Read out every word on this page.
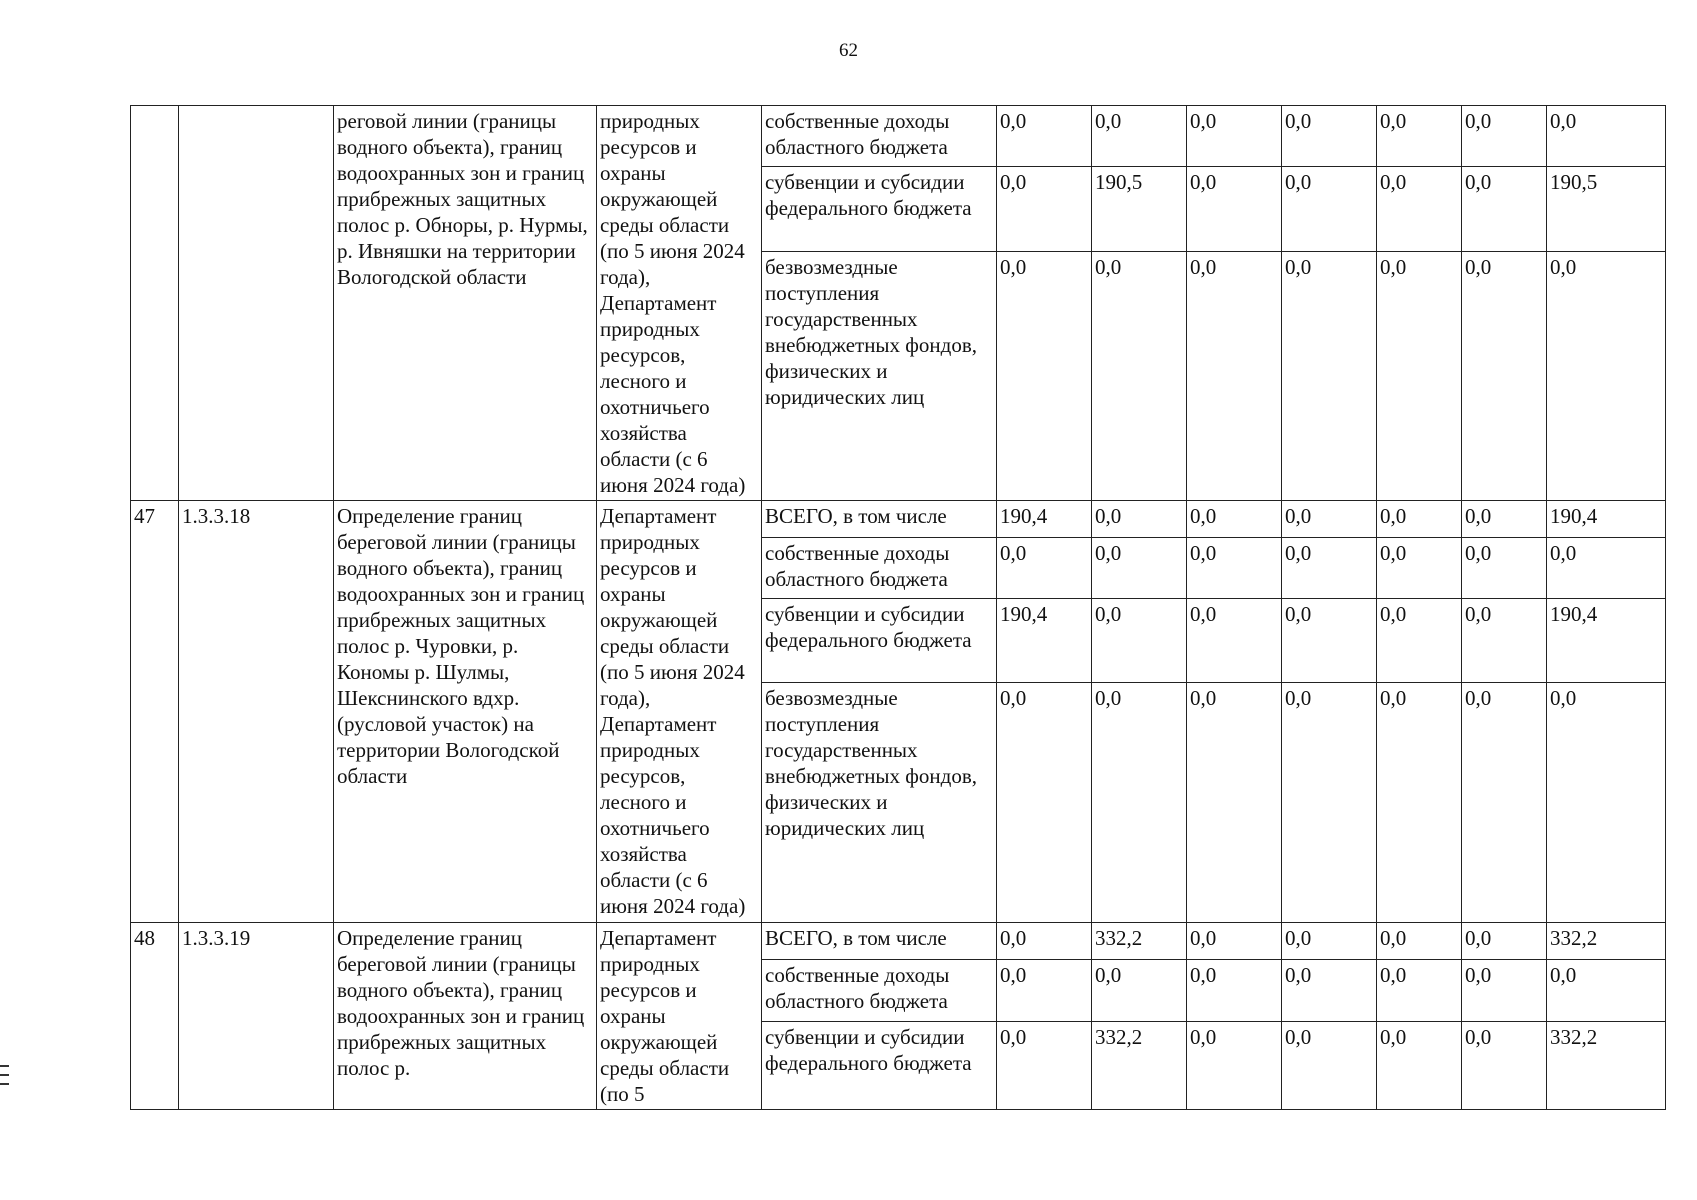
62
		реговой линии (границы водного объекта), границ водоохранных зон и границ прибрежных защитных полос р. Обноры, р. Нурмы, р. Ивняшки на территории Вологодской области	природных ресурсов и охраны окружающей среды области (по 5 июня 2024 года), Департамент природных ресурсов, лесного и охотничьего хозяйства области (с 6 июня 2024 года)	собственные доходы областного бюджета	0,0	0,0	0,0	0,0	0,0	0,0	0,0
				субвенции и субсидии федерального бюджета	0,0	190,5	0,0	0,0	0,0	0,0	190,5
				безвозмездные поступления государственных внебюджетных фондов, физических и юридических лиц	0,0	0,0	0,0	0,0	0,0	0,0	0,0
47	1.3.3.18	Определение границ береговой линии (границы водного объекта), границ водоохранных зон и границ прибрежных защитных полос р. Чуровки, р. Кономы р. Шулмы, Шекснинского вдхр. (русловой участок) на территории Вологодской области	Департамент природных ресурсов и охраны окружающей среды области (по 5 июня 2024 года), Департамент природных ресурсов, лесного и охотничьего хозяйства области (с 6 июня 2024 года)	ВСЕГО, в том числе	190,4	0,0	0,0	0,0	0,0	0,0	190,4
				собственные доходы областного бюджета	0,0	0,0	0,0	0,0	0,0	0,0	0,0
				субвенции и субсидии федерального бюджета	190,4	0,0	0,0	0,0	0,0	0,0	190,4
				безвозмездные поступления государственных внебюджетных фондов, физических и юридических лиц	0,0	0,0	0,0	0,0	0,0	0,0	0,0
48	1.3.3.19	Определение границ береговой линии (границы водного объекта), границ водоохранных зон и границ прибрежных защитных полос р.	Департамент природных ресурсов и охраны окружающей среды области (по 5	ВСЕГО, в том числе	0,0	332,2	0,0	0,0	0,0	0,0	332,2
				собственные доходы областного бюджета	0,0	0,0	0,0	0,0	0,0	0,0	0,0
				субвенции и субсидии федерального бюджета	0,0	332,2	0,0	0,0	0,0	0,0	332,2
